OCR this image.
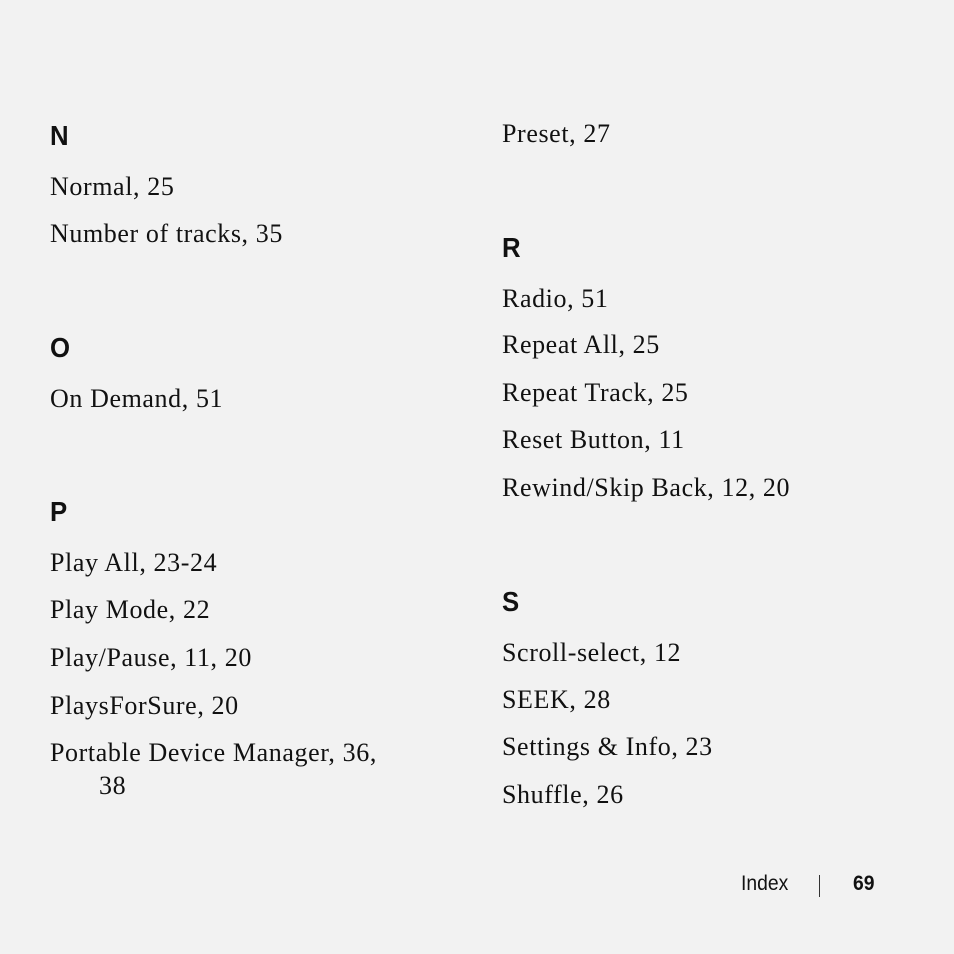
N
Normal, 25
Number of tracks, 35
O
On Demand, 51
P
Play All, 23-24
Play Mode, 22
Play/Pause, 11, 20
PlaysForSure, 20
Portable Device Manager, 36,
38
Preset, 27
R
Radio, 51
Repeat All, 25
Repeat Track, 25
Reset Button, 11
Rewind/Skip Back, 12, 20
S
Scroll-select, 12
SEEK, 28
Settings & Info, 23
Shuffle, 26
Index	69
